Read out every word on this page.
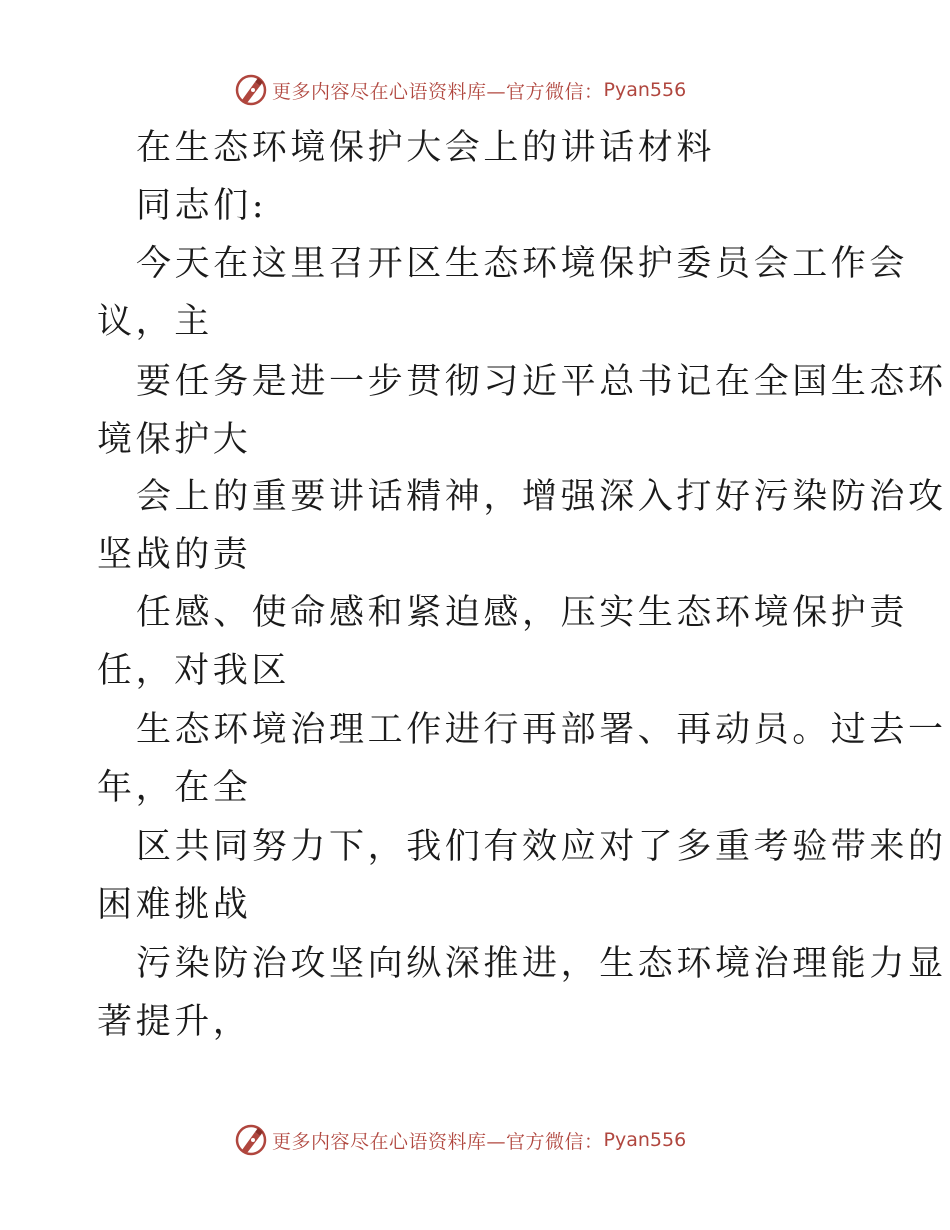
更多内容尽在心语资料库—官方微信： Pyan556
在生态环境保护大会上的讲话材料
同志们:
今天在这里召开区生态环境保护委员会工作会
议，主
要任务是进一步贯彻习近平总书记在全国生态环
境保护大
会上的重要讲话精神，增强深入打好污染防治攻
坚战的责
任感、使命感和紧迫感，压实生态环境保护责
任，对我区
生态环境治理工作进行再部署、再动员。过去一
年，在全
区共同努力下，我们有效应对了多重考验带来的
困难挑战
污染防治攻坚向纵深推进，生态环境治理能力显
著提升，
更多内容尽在心语资料库—官方微信： Pyan556
